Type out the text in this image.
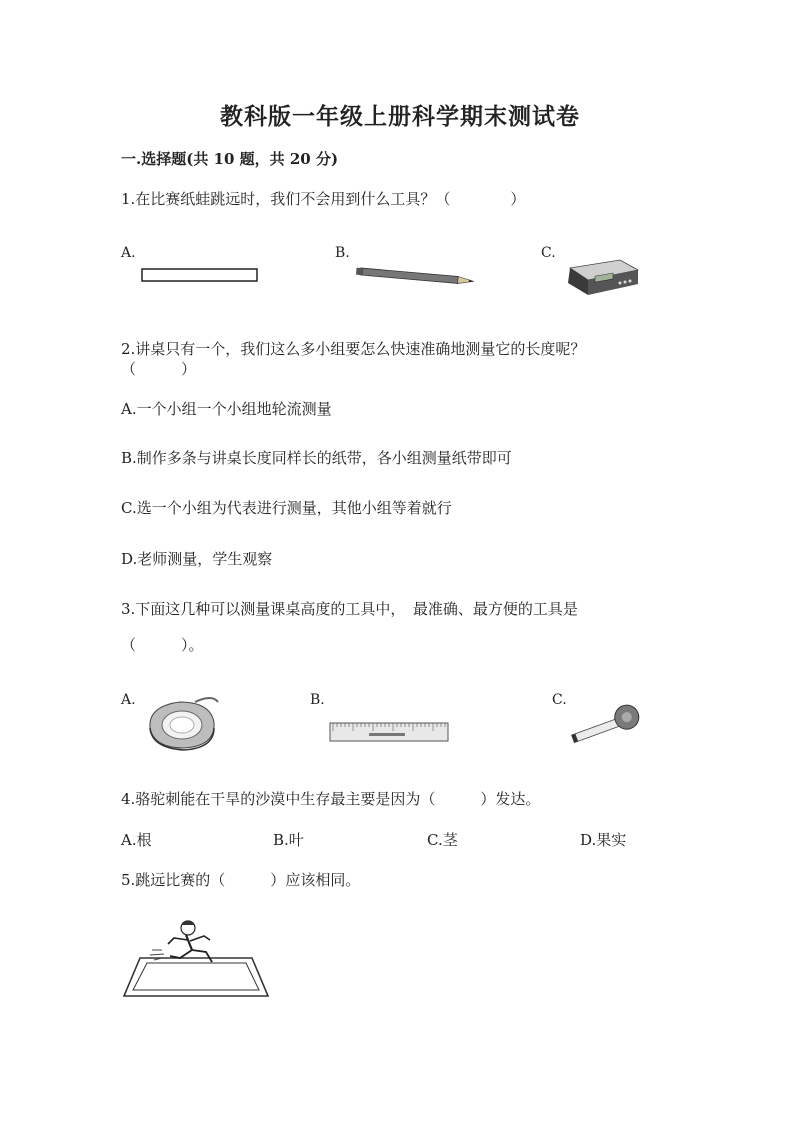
教科版一年级上册科学期末测试卷
一.选择题(共 10 题，共 20 分)
1.在比赛纸蛙跳远时，我们不会用到什么工具？（　　　　）
A.	B.	C.
2.讲桌只有一个，我们这么多小组要怎么快速准确地测量它的长度呢？
（　　　）
A.一个小组一个小组地轮流测量
B.制作多条与讲桌长度同样长的纸带，各小组测量纸带即可
C.选一个小组为代表进行测量，其他小组等着就行
D.老师测量，学生观察
3.下面这几种可以测量课桌高度的工具中，　最准确、最方便的工具是
（　　　）。
A.	B.	C.
4.骆驼刺能在干旱的沙漠中生存最主要是因为（　　　）发达。
A.根	B.叶	C.茎	D.果实
5.跳远比赛的（　　　）应该相同。
